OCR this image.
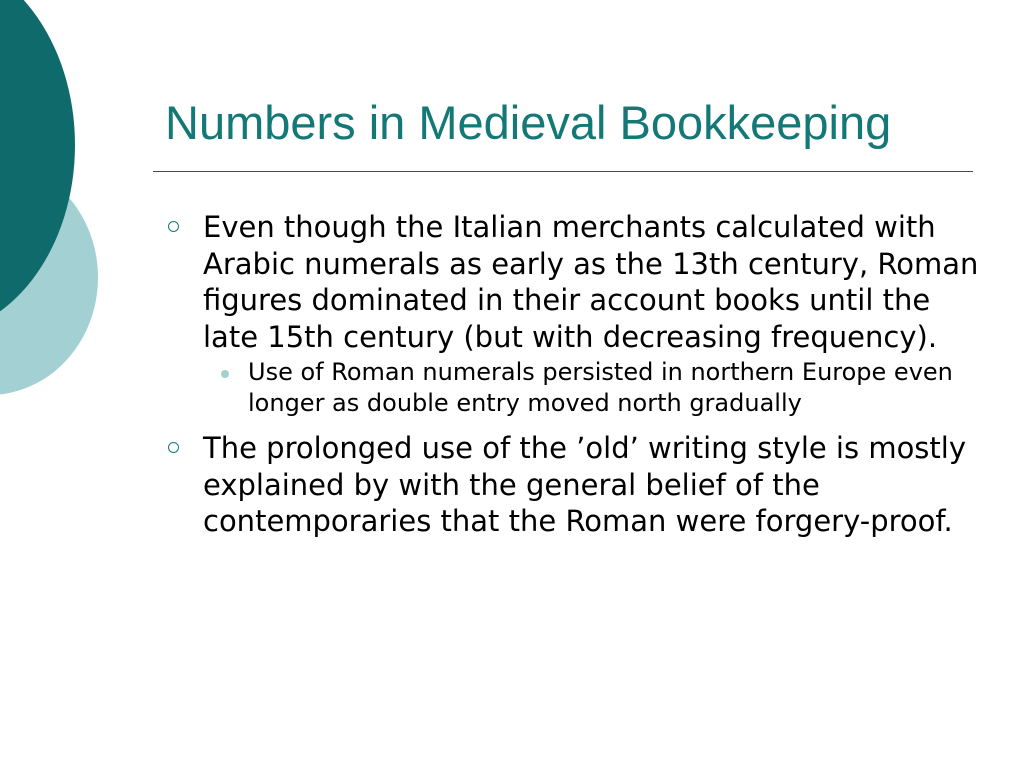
Numbers in Medieval Bookkeeping
Even though the Italian merchants calculated with Arabic numerals as early as the 13th century, Roman figures dominated in their account books until the late 15th century (but with decreasing frequency).
Use of Roman numerals persisted in northern Europe even longer as double entry moved north gradually
The prolonged use of the ’old’ writing style is mostly explained by with the general belief of the contemporaries that the Roman were forgery-proof.
